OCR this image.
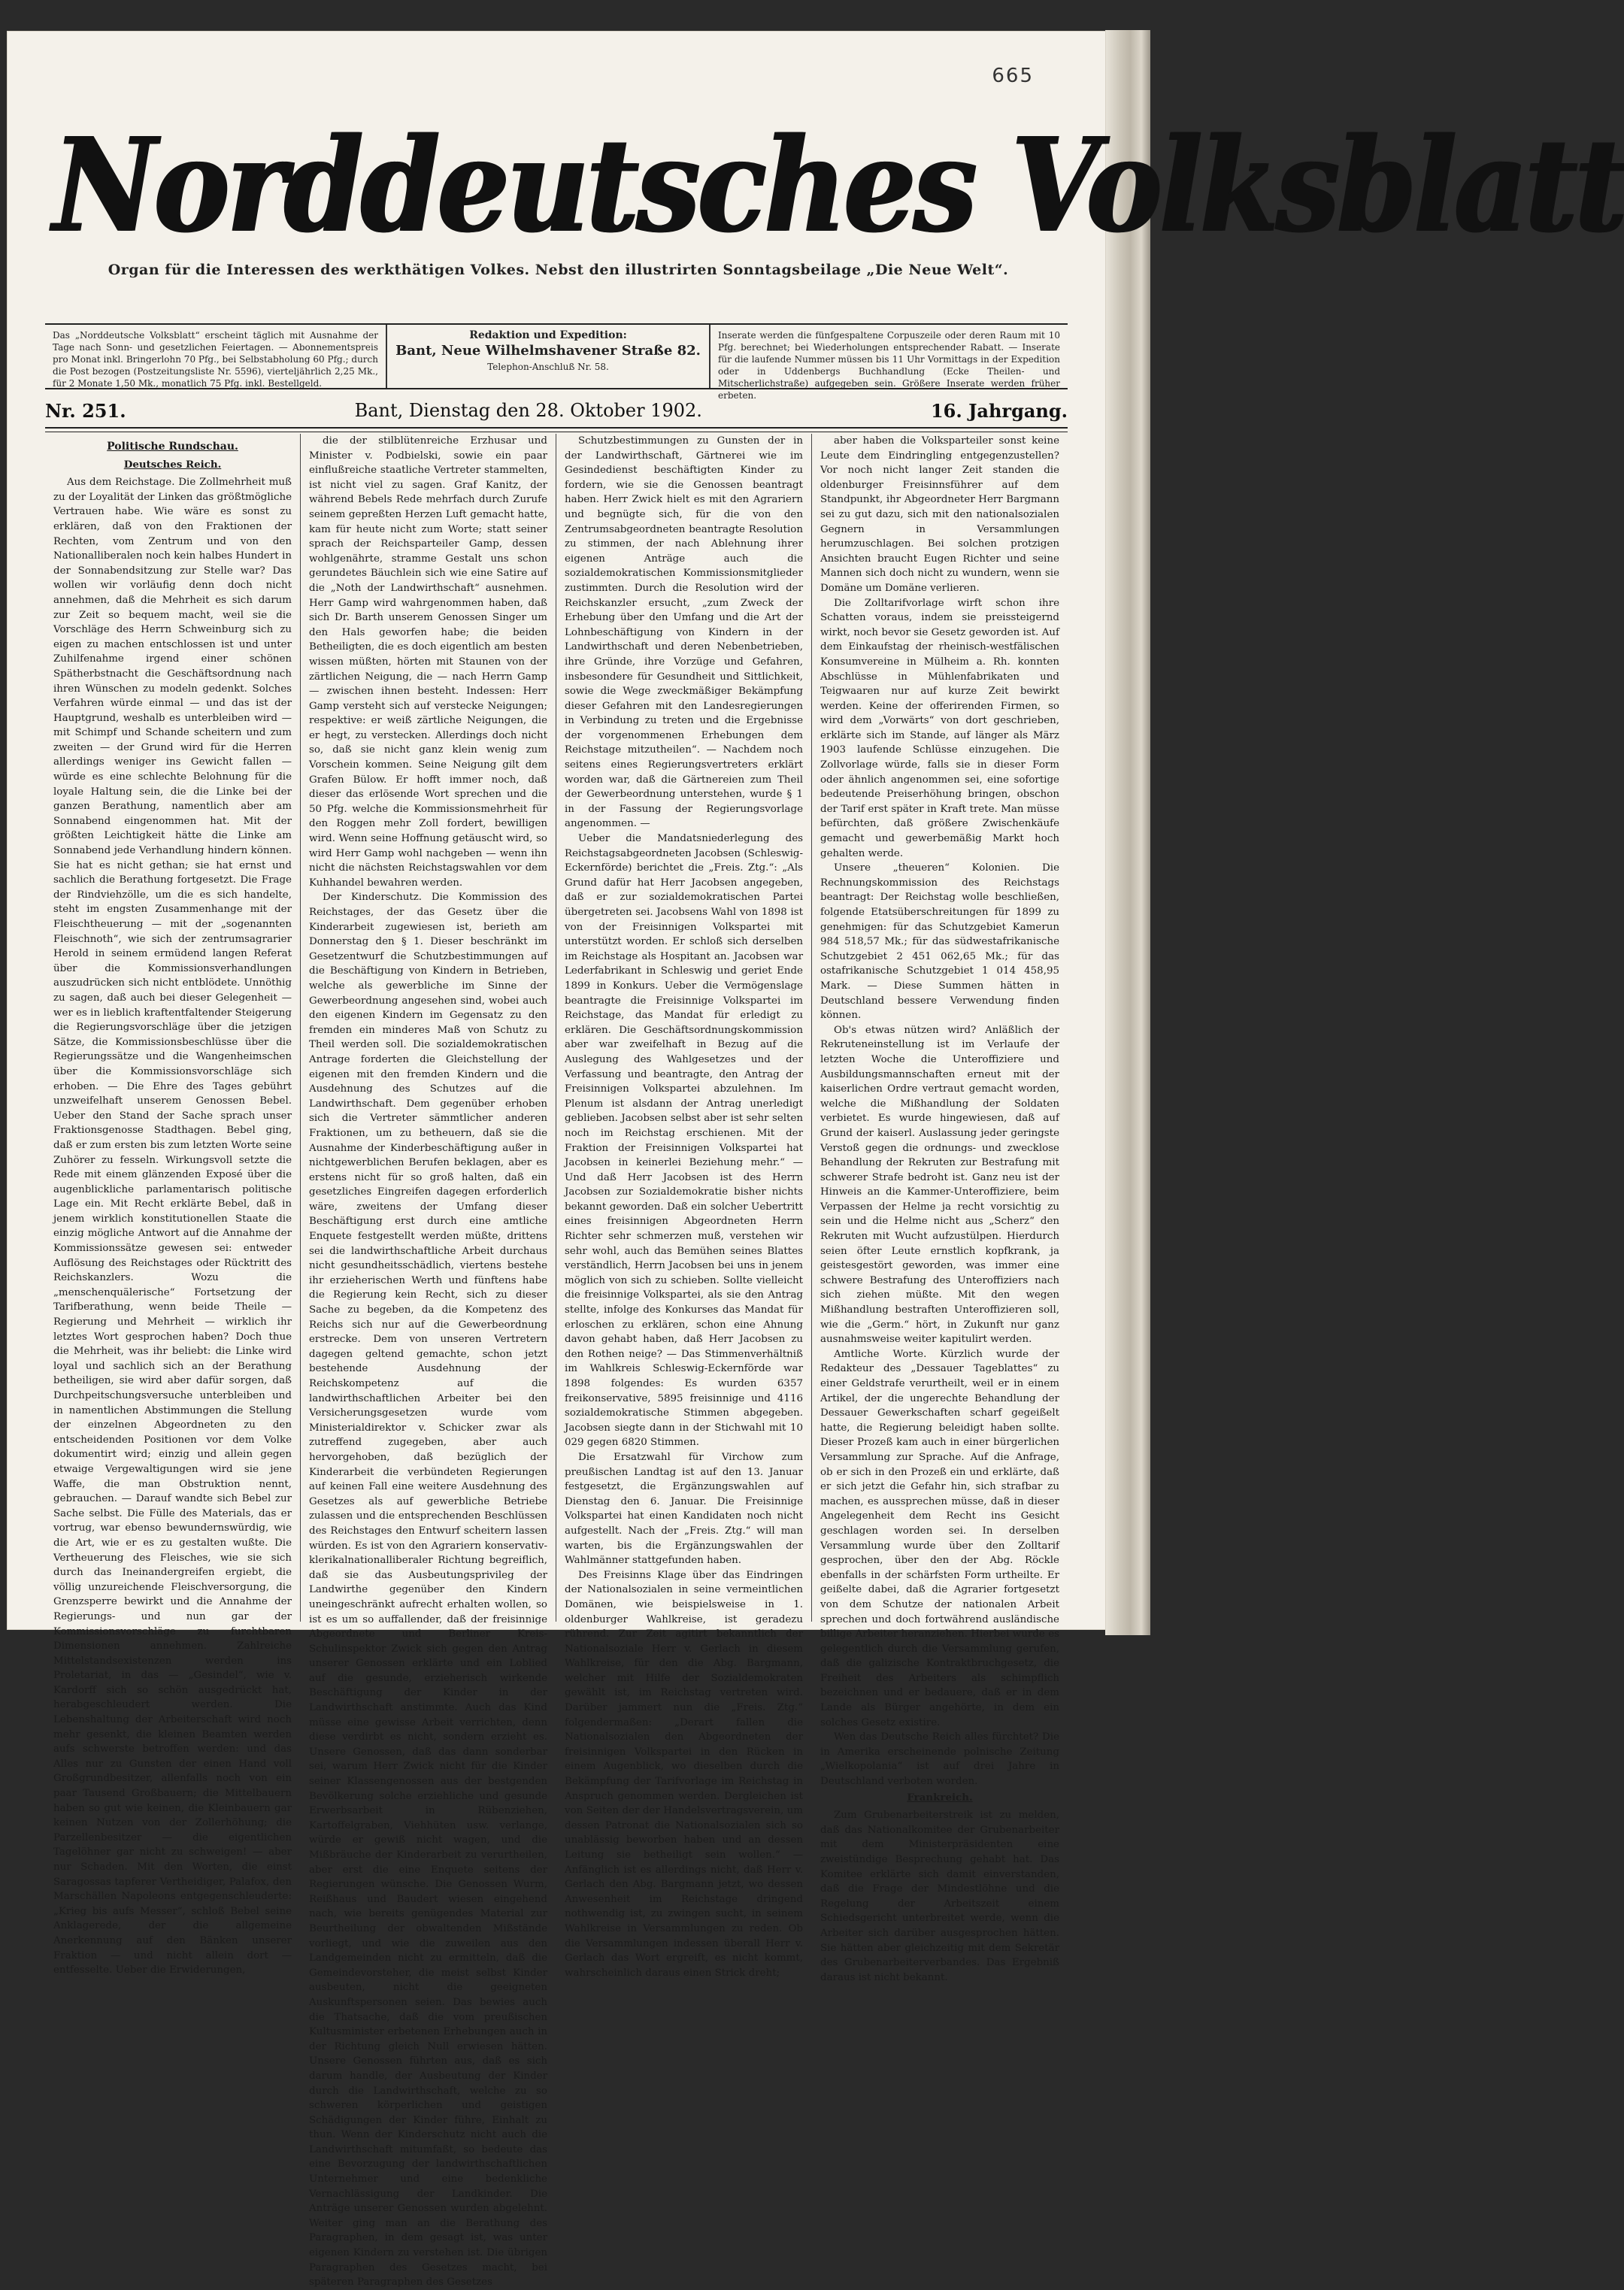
665
Norddeutsches Volksblatt
Organ für die Interessen des werkthätigen Volkes. Nebst den illustrirten Sonntagsbeilage „Die Neue Welt“.
Das „Norddeutsche Volksblatt“ erscheint täglich mit Ausnahme der Tage nach Sonn- und gesetzlichen Feiertagen. — Abonnementspreis pro Monat inkl. Bringerlohn 70 Pfg., bei Selbstabholung 60 Pfg.; durch die Post bezogen (Postzeitungsliste Nr. 5596), vierteljährlich 2,25 Mk., für 2 Monate 1,50 Mk., monatlich 75 Pfg. inkl. Bestellgeld.
Redaktion und Expedition:
Bant, Neue Wilhelmshavener Straße 82.
Telephon-Anschluß Nr. 58.
Inserate werden die fünfgespaltene Corpuszeile oder deren Raum mit 10 Pfg. berechnet; bei Wiederholungen entsprechender Rabatt. — Inserate für die laufende Nummer müssen bis 11 Uhr Vormittags in der Expedition oder in Uddenbergs Buchhandlung (Ecke Theilen- und Mitscherlichstraße) aufgegeben sein. Größere Inserate werden früher erbeten.
Nr. 251.	Bant, Dienstag den 28. Oktober 1902.	16. Jahrgang.
Politische Rundschau.
Deutsches Reich.

Aus dem Reichstage. Die Zollmehrheit muß zu der Loyalität der Linken das größtmögliche Vertrauen habe. Wie wäre es sonst zu erklären, daß von den Fraktionen der Rechten, vom Zentrum und von den Nationalliberalen noch kein halbes Hundert in der Sonnabendsitzung zur Stelle war? Das wollen wir vorläufig denn doch nicht annehmen, daß die Mehrheit es sich darum zur Zeit so bequem macht, weil sie die Vorschläge des Herrn Schweinburg sich zu eigen zu machen entschlossen ist und unter Zuhilfenahme irgend einer schönen Spätherbstnacht die Geschäftsordnung nach ihren Wünschen zu modeln gedenkt. Solches Verfahren würde einmal — und das ist der Hauptgrund, weshalb es unterbleiben wird — mit Schimpf und Schande scheitern und zum zweiten — der Grund wird für die Herren allerdings weniger ins Gewicht fallen — würde es eine schlechte Belohnung für die loyale Haltung sein, die die Linke bei der ganzen Berathung, namentlich aber am Sonnabend eingenommen hat. Mit der größten Leichtigkeit hätte die Linke am Sonnabend jede Verhandlung hindern können. Sie hat es nicht gethan; sie hat ernst und sachlich die Berathung fortgesetzt. Die Frage der Rindviehzölle, um die es sich handelte, steht im engsten Zusammenhange mit der Fleischtheuerung — mit der „sogenannten Fleischnoth“, wie sich der zentrumsagrarier Herold in seinem ermüdend langen Referat über die Kommissionsverhandlungen auszudrücken sich nicht entblödete. Unnöthig zu sagen, daß auch bei dieser Gelegenheit — wer es in lieblich kraftentfaltender Steigerung die Regierungsvorschläge über die jetzigen Sätze, die Kommissionsbeschlüsse über die Regierungssätze und die Wangenheimschen über die Kommissionsvorschläge sich erhoben. — Die Ehre des Tages gebührt unzweifelhaft unserem Genossen Bebel. Ueber den Stand der Sache sprach unser Fraktionsgenosse Stadthagen. Bebel ging, daß er zum ersten bis zum letzten Worte seine Zuhörer zu fesseln. Wirkungsvoll setzte die Rede mit einem glänzenden Exposé über die augenblickliche parlamentarisch politische Lage ein. Mit Recht erklärte Bebel, daß in jenem wirklich konstitutionellen Staate die einzig mögliche Antwort auf die Annahme der Kommissionssätze gewesen sei: entweder Auflösung des Reichstages oder Rücktritt des Reichskanzlers. Wozu die „menschenquälerische“ Fortsetzung der Tarifberathung, wenn beide Theile — Regierung und Mehrheit — wirklich ihr letztes Wort gesprochen haben? Doch thue die Mehrheit, was ihr beliebt: die Linke wird loyal und sachlich sich an der Berathung betheiligen, sie wird aber dafür sorgen, daß Durchpeitschungsversuche unterbleiben und in namentlichen Abstimmungen die Stellung der einzelnen Abgeordneten zu den entscheidenden Positionen vor dem Volke dokumentirt wird; einzig und allein gegen etwaige Vergewaltigungen wird sie jene Waffe, die man Obstruktion nennt, gebrauchen. — Darauf wandte sich Bebel zur Sache selbst. Die Fülle des Materials, das er vortrug, war ebenso bewundernswürdig, wie die Art, wie er es zu gestalten wußte. Die Vertheuerung des Fleisches, wie sie sich durch das Ineinandergreifen ergiebt, die völlig unzureichende Fleischversorgung, die Grenzsperre bewirkt und die Annahme der Regierungs- und nun gar der Kommissionsvorschläge zu furchtbaren Dimensionen annehmen. Zahlreiche Mittelstandsexistenzen werden ins Proletariat, in das — „Gesindel“, wie v. Kardorff sich so schön ausgedrückt hat, herabgeschleudert werden. Die Lebenshaltung der Arbeiterschaft wird noch mehr gesenkt, die kleinen Beamten werden aufs schwerste betroffen werden: und das Alles nur zu Gunsten der einen Hand voll Großgrundbesitzer, allenfalls noch von ein paar Tausend Großbauern; die Mittelbauern haben so gut wie keinen, die Kleinbauern gar keinen Nutzen von der Zollerhöhung; die Parzellenbesitzer — die eigentlichen Tagelöhner gar nicht zu schweigen! — aber nur Schaden. Mit den Worten, die einst Saragossas tapferer Vertheidiger, Palafox, den Marschällen Napoleons entgegenschleuderte: „Krieg bis aufs Messer“, schloß Bebel seine Anklagerede, der die allgemeine Anerkennung auf den Bänken unserer Fraktion — und nicht allein dort — entfesselte. Ueber die Erwiderungen,

die der stilblütenreiche Erzhusar und Minister v. Podbielski, sowie ein paar einflußreiche staatliche Vertreter stammelten, ist nicht viel zu sagen. Graf Kanitz, der während Bebels Rede mehrfach durch Zurufe seinem gepreßten Herzen Luft gemacht hatte, kam für heute nicht zum Worte; statt seiner sprach der Reichsparteiler Gamp, dessen wohlgenährte, stramme Gestalt uns schon gerundetes Bäuchlein sich wie eine Satire auf die „Noth der Landwirthschaft“ ausnehmen. Herr Gamp wird wahrgenommen haben, daß sich Dr. Barth unserem Genossen Singer um den Hals geworfen habe; die beiden Betheiligten, die es doch eigentlich am besten wissen müßten, hörten mit Staunen von der zärtlichen Neigung, die — nach Herrn Gamp — zwischen ihnen besteht. Indessen: Herr Gamp versteht sich auf verstecke Neigungen; respektive: er weiß zärtliche Neigungen, die er hegt, zu verstecken. Allerdings doch nicht so, daß sie nicht ganz klein wenig zum Vorschein kommen. Seine Neigung gilt dem Grafen Bülow. Er hofft immer noch, daß dieser das erlösende Wort sprechen und die 50 Pfg. welche die Kommissionsmehrheit für den Roggen mehr Zoll fordert, bewilligen wird. Wenn seine Hoffnung getäuscht wird, so wird Herr Gamp wohl nachgeben — wenn ihn nicht die nächsten Reichstagswahlen vor dem Kuhhandel bewahren werden.

Der Kinderschutz. Die Kommission des Reichstages, der das Gesetz über die Kinderarbeit zugewiesen ist, berieth am Donnerstag den § 1. Dieser beschränkt im Gesetzentwurf die Schutzbestimmungen auf die Beschäftigung von Kindern in Betrieben, welche als gewerbliche im Sinne der Gewerbeordnung angesehen sind, wobei auch den eigenen Kindern im Gegensatz zu den fremden ein minderes Maß von Schutz zu Theil werden soll. Die sozialdemokratischen Antrage forderten die Gleichstellung der eigenen mit den fremden Kindern und die Ausdehnung des Schutzes auf die Landwirthschaft. Dem gegenüber erhoben sich die Vertreter sämmtlicher anderen Fraktionen, um zu betheuern, daß sie die Ausnahme der Kinderbeschäftigung außer in nichtgewerblichen Berufen beklagen, aber es erstens nicht für so groß halten, daß ein gesetzliches Eingreifen dagegen erforderlich wäre, zweitens der Umfang dieser Beschäftigung erst durch eine amtliche Enquete festgestellt werden müßte, drittens sei die landwirthschaftliche Arbeit durchaus nicht gesundheitsschädlich, viertens bestehe ihr erzieherischen Werth und fünftens habe die Regierung kein Recht, sich zu dieser Sache zu begeben, da die Kompetenz des Reichs sich nur auf die Gewerbeordnung erstrecke. Dem von unseren Vertretern dagegen geltend gemachte, schon jetzt bestehende Ausdehnung der Reichskompetenz auf die landwirthschaftlichen Arbeiter bei den Versicherungsgesetzen wurde vom Ministerialdirektor v. Schicker zwar als zutreffend zugegeben, aber auch hervorgehoben, daß bezüglich der Kinderarbeit die verbündeten Regierungen auf keinen Fall eine weitere Ausdehnung des Gesetzes als auf gewerbliche Betriebe zulassen und die entsprechenden Beschlüssen des Reichstages den Entwurf scheitern lassen würden. Es ist von den Agrariern konservativ-klerikalnationalliberaler Richtung begreiflich, daß sie das Ausbeutungsprivileg der Landwirthe gegenüber den Kindern uneingeschränkt aufrecht erhalten wollen, so ist es um so auffallender, daß der freisinnige Abgeordnete und Berliner Kreis-Schulinspektor Zwick sich gegen den Antrag unserer Genossen erklärte und ein Loblied auf die gesunde, erzieherisch wirkende Beschäftigung der Kinder in der Landwirthschaft anstimmte. Auch das Kind müsse eine gewisse Arbeit verrichten, denn diese verdirbt es nicht, sondern erzieht es. Unsere Genossen, daß das dann sonderbar sei, warum Herr Zwick nicht für die Kinder seiner Klassengenossen aus der bestgenden Bevölkerung solche erziehliche und gesunde Erwerbsarbeit in Rübenziehen, Kartoffelgraben, Viehhüten usw. verlange, würde er gewiß nicht wagen, und die Mißbräuche der Kinderarbeit zu verurtheilen, aber erst die eine Enquete seitens der Regierungen wünsche. Die Genossen Wurm, Reißhaus und Baudert wiesen eingehend nach, wie bereits genügendes Material zur Beurtheilung der obwaltenden Mißstände vorliegt, und wie die zuweilen aus den Landgemeinden nicht zu ermitteln, daß die Gemeindevorsteher, die meist selbst Kinder ausbeuten, nicht die geeigneten Auskunftspersonen seien. Das bewies auch die Thatsache, daß die vom preußischen Kultusminister erbetenen Erhebungen auch in der Richtung gleich Null erwiesen hätten. Unsere Genossen führten aus, daß es sich darum handle, der Ausbeutung der Kinder durch die Landwirthschaft, welche zu so schweren körperlichen und geistigen Schädigungen der Kinder führe, Einhalt zu thun. Wenn der Kinderschutz nicht auch die Landwirthschaft mitumfaßt, so bedeute das eine Bevorzugung der landwirthschaftlichen Unternehmer und eine bedenkliche Vernachlässigung der Landkinder. Die Anträge unserer Genossen wurden abgelehnt. Weiter ging man an die Berathung des Paragraphen, in dem gesagt ist, was unter eigenen Kindern zu verstehen ist. Die übrigen Paragraphen des Gesetzes macht, bei späteren Paragraphen des Gesetzes

Schutzbestimmungen zu Gunsten der in der Landwirthschaft, Gärtnerei wie im Gesindedienst beschäftigten Kinder zu fordern, wie sie die Genossen beantragt haben. Herr Zwick hielt es mit den Agrariern und begnügte sich, für die von den Zentrumsabgeordneten beantragte Resolution zu stimmen, der nach Ablehnung ihrer eigenen Anträge auch die sozialdemokratischen Kommissionsmitglieder zustimmten. Durch die Resolution wird der Reichskanzler ersucht, „zum Zweck der Erhebung über den Umfang und die Art der Lohnbeschäftigung von Kindern in der Landwirthschaft und deren Nebenbetrieben, ihre Gründe, ihre Vorzüge und Gefahren, insbesondere für Gesundheit und Sittlichkeit, sowie die Wege zweckmäßiger Bekämpfung dieser Gefahren mit den Landesregierungen in Verbindung zu treten und die Ergebnisse der vorgenommenen Erhebungen dem Reichstage mitzutheilen“. — Nachdem noch seitens eines Regierungsvertreters erklärt worden war, daß die Gärtnereien zum Theil der Gewerbeordnung unterstehen, wurde § 1 in der Fassung der Regierungsvorlage angenommen. —

Ueber die Mandatsniederlegung des Reichstagsabgeordneten Jacobsen (Schleswig-Eckernförde) berichtet die „Freis. Ztg.“: „Als Grund dafür hat Herr Jacobsen angegeben, daß er zur sozialdemokratischen Partei übergetreten sei. Jacobsens Wahl von 1898 ist von der Freisinnigen Volkspartei mit unterstützt worden. Er schloß sich derselben im Reichstage als Hospitant an. Jacobsen war Lederfabrikant in Schleswig und geriet Ende 1899 in Konkurs. Ueber die Vermögenslage beantragte die Freisinnige Volkspartei im Reichstage, das Mandat für erledigt zu erklären. Die Geschäftsordnungskommission aber war zweifelhaft in Bezug auf die Auslegung des Wahlgesetzes und der Verfassung und beantragte, den Antrag der Freisinnigen Volkspartei abzulehnen. Im Plenum ist alsdann der Antrag unerledigt geblieben. Jacobsen selbst aber ist sehr selten noch im Reichstag erschienen. Mit der Fraktion der Freisinnigen Volkspartei hat Jacobsen in keinerlei Beziehung mehr.“ — Und daß Herr Jacobsen ist des Herrn Jacobsen zur Sozialdemokratie bisher nichts bekannt geworden. Daß ein solcher Uebertritt eines freisinnigen Abgeordneten Herrn Richter sehr schmerzen muß, verstehen wir sehr wohl, auch das Bemühen seines Blattes verständlich, Herrn Jacobsen bei uns in jenem möglich von sich zu schieben. Sollte vielleicht die freisinnige Volkspartei, als sie den Antrag stellte, infolge des Konkurses das Mandat für erloschen zu erklären, schon eine Ahnung davon gehabt haben, daß Herr Jacobsen zu den Rothen neige? — Das Stimmenverhältniß im Wahlkreis Schleswig-Eckernförde war 1898 folgendes: Es wurden 6357 freikonservative, 5895 freisinnige und 4116 sozialdemokratische Stimmen abgegeben. Jacobsen siegte dann in der Stichwahl mit 10 029 gegen 6820 Stimmen.

Die Ersatzwahl für Virchow zum preußischen Landtag ist auf den 13. Januar festgesetzt, die Ergänzungswahlen auf Dienstag den 6. Januar. Die Freisinnige Volkspartei hat einen Kandidaten noch nicht aufgestellt. Nach der „Freis. Ztg.“ will man warten, bis die Ergänzungswahlen der Wahlmänner stattgefunden haben.

Des Freisinns Klage über das Eindringen der Nationalsozialen in seine vermeintlichen Domänen, wie beispielsweise in 1. oldenburger Wahlkreise, ist geradezu rührend. Zur Zeit agitirt bekanntlich der Nationalsoziale Herr v. Gerlach in diesem Wahlkreise, für den die Abg. Bargmann, welcher mit Hilfe der Sozialdemokraten gewählt ist, im Reichstag vertreten wird. Darüber jammert nun die „Freis. Ztg.“ folgendermaßen: „Derart fallen die Nationalsozialen den Abgeordneten der freisinnigen Volkspartei in den Rücken in einem Augenblick, wo dieselben durch die Bekämpfung der Tarifvorlage im Reichstag in Anspruch genommen werden. Dergleichen ist von Seiten der der Handelsvertragsverein, um dessen Patronat die Nationalsozialen sich so unablässig beworben haben und an dessen Leitung sie betheiligt sein wollen.“ — Anfänglich ist es allerdings nicht, daß Herr v. Gerlach den Abg. Bargmann jetzt, wo dessen Anwesenheit im Reichstage dringend nothwendig ist, zu zwingen sucht, in seinem Wahlkreise in Versammlungen zu reden. Ob die Versammlungen indessen überall Herr v. Gerlach das Wort ergreift, es nicht kommt, wahrscheinlich daraus einen Strick dreht;

aber haben die Volksparteiler sonst keine Leute dem Eindringling entgegenzustellen? Vor noch nicht langer Zeit standen die oldenburger Freisinnsführer auf dem Standpunkt, ihr Abgeordneter Herr Bargmann sei zu gut dazu, sich mit den nationalsozialen Gegnern in Versammlungen herumzuschlagen. Bei solchen protzigen Ansichten braucht Eugen Richter und seine Mannen sich doch nicht zu wundern, wenn sie Domäne um Domäne verlieren.

Die Zolltarifvorlage wirft schon ihre Schatten voraus, indem sie preissteigernd wirkt, noch bevor sie Gesetz geworden ist. Auf dem Einkaufstag der rheinisch-westfälischen Konsumvereine in Mülheim a. Rh. konnten Abschlüsse in Mühlenfabrikaten und Teigwaaren nur auf kurze Zeit bewirkt werden. Keine der offerirenden Firmen, so wird dem „Vorwärts“ von dort geschrieben, erklärte sich im Stande, auf länger als März 1903 laufende Schlüsse einzugehen. Die Zollvorlage würde, falls sie in dieser Form oder ähnlich angenommen sei, eine sofortige bedeutende Preiserhöhung bringen, obschon der Tarif erst später in Kraft trete. Man müsse befürchten, daß größere Zwischenkäufe gemacht und gewerbemäßig Markt hoch gehalten werde.

Unsere „theueren“ Kolonien. Die Rechnungskommission des Reichstags beantragt: Der Reichstag wolle beschließen, folgende Etatsüberschreitungen für 1899 zu genehmigen: für das Schutzgebiet Kamerun 984 518,57 Mk.; für das südwestafrikanische Schutzgebiet 2 451 062,65 Mk.; für das ostafrikanische Schutzgebiet 1 014 458,95 Mark. — Diese Summen hätten in Deutschland bessere Verwendung finden können.

Ob's etwas nützen wird? Anläßlich der Rekruteneinstellung ist im Verlaufe der letzten Woche die Unteroffiziere und Ausbildungsmannschaften erneut mit der kaiserlichen Ordre vertraut gemacht worden, welche die Mißhandlung der Soldaten verbietet. Es wurde hingewiesen, daß auf Grund der kaiserl. Auslassung jeder geringste Verstoß gegen die ordnungs- und zwecklose Behandlung der Rekruten zur Bestrafung mit schwerer Strafe bedroht ist. Ganz neu ist der Hinweis an die Kammer-Unteroffiziere, beim Verpassen der Helme ja recht vorsichtig zu sein und die Helme nicht aus „Scherz“ den Rekruten mit Wucht aufzustülpen. Hierdurch seien öfter Leute ernstlich kopfkrank, ja geistesgestört geworden, was immer eine schwere Bestrafung des Unteroffiziers nach sich ziehen müßte. Mit den wegen Mißhandlung bestraften Unteroffizieren soll, wie die „Germ.“ hört, in Zukunft nur ganz ausnahmsweise weiter kapitulirt werden.

Amtliche Worte. Kürzlich wurde der Redakteur des „Dessauer Tageblattes“ zu einer Geldstrafe verurtheilt, weil er in einem Artikel, der die ungerechte Behandlung der Dessauer Gewerkschaften scharf gegeißelt hatte, die Regierung beleidigt haben sollte. Dieser Prozeß kam auch in einer bürgerlichen Versammlung zur Sprache. Auf die Anfrage, ob er sich in den Prozeß ein und erklärte, daß er sich jetzt die Gefahr hin, sich strafbar zu machen, es aussprechen müsse, daß in dieser Angelegenheit dem Recht ins Gesicht geschlagen worden sei. In derselben Versammlung wurde über den Zolltarif gesprochen, über den der Abg. Röckle ebenfalls in der schärfsten Form urtheilte. Er geißelte dabei, daß die Agrarier fortgesetzt von dem Schutze der nationalen Arbeit sprechen und doch fortwährend ausländische billige Arbeiter heranziehen. Hierbei wurde es gelegentlich durch die Versammlung gerufen, daß die galizische Kontraktbruchgesetz, die Freiheit des Arbeiters als schimpflich bezeichnen und er bedauere, daß er in dem Lande als Bürger angehörte, in dem ein solches Gesetz existire.

Wen das Deutsche Reich alles fürchtet? Die in Amerika erscheinende polnische Zeitung „Wielkopolania“ ist auf drei Jahre in Deutschland verboten worden.

Frankreich.

Zum Grubenarbeiterstreik ist zu melden, daß das Nationalkomitee der Grubenarbeiter mit dem Ministerpräsidenten eine zweistündige Besprechung gehabt hat. Das Komitee erklärte sich damit einverstanden, daß die Frage der Mindestlöhne und die Regelung der Arbeitszeit einem Schiedsgericht unterbreitet werde, wenn die Arbeiter sich darüber ausgesprochen hätten. Sie hätten aber gleichzeitig mit dem Sekretär des Grubenarbeiterverbandes. Das Ergebniß daraus ist nicht bekannt.
